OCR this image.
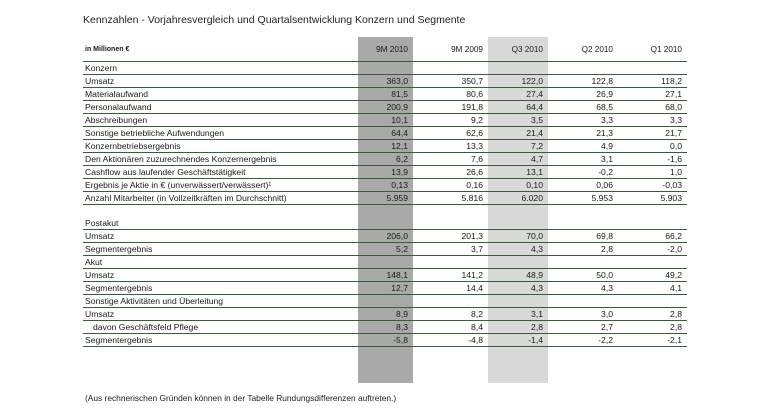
Kennzahlen - Vorjahresvergleich und Quartalsentwicklung Konzern und Segmente
in Millionen €	9M 2010	9M 2009	Q3 2010	Q2 2010	Q1 2010
Konzern					
Umsatz	363,0	350,7	122,0	122,8	118,2
Materialaufwand	81,5	80,6	27,4	26,9	27,1
Personalaufwand	200,9	191,8	64,4	68,5	68,0
Abschreibungen	10,1	9,2	3,5	3,3	3,3
Sonstige betriebliche Aufwendungen	64,4	62,6	21,4	21,3	21,7
Konzernbetriebsergebnis	12,1	13,3	7,2	4,9	0,0
Den Aktionären zuzurechnendes Konzernergebnis	6,2	7,6	4,7	3,1	-1,6
Cashflow aus laufender Geschäftstätigkeit	13,9	26,6	13,1	-0,2	1,0
Ergebnis je Aktie in € (unverwässert/verwässert)¹	0,13	0,16	0,10	0,06	-0,03
Anzahl Mitarbeiter (in Vollzeitkräften im Durchschnitt)	5.959	5.816	6.020	5.953	5.903

Postakut					
Umsatz	206,0	201,3	70,0	69,8	66,2
Segmentergebnis	5,2	3,7	4,3	2,8	-2,0
Akut					
Umsatz	148,1	141,2	48,9	50,0	49,2
Segmentergebnis	12,7	14,4	4,3	4,3	4,1
Sonstige Aktivitäten und Überleitung					
Umsatz	8,9	8,2	3,1	3,0	2,8
davon Geschäftsfeld Pflege	8,3	8,4	2,8	2,7	2,8
Segmentergebnis	-5,8	-4,8	-1,4	-2,2	-2,1
(Aus rechnerischen Gründen können in der Tabelle Rundungsdifferenzen auftreten.)
